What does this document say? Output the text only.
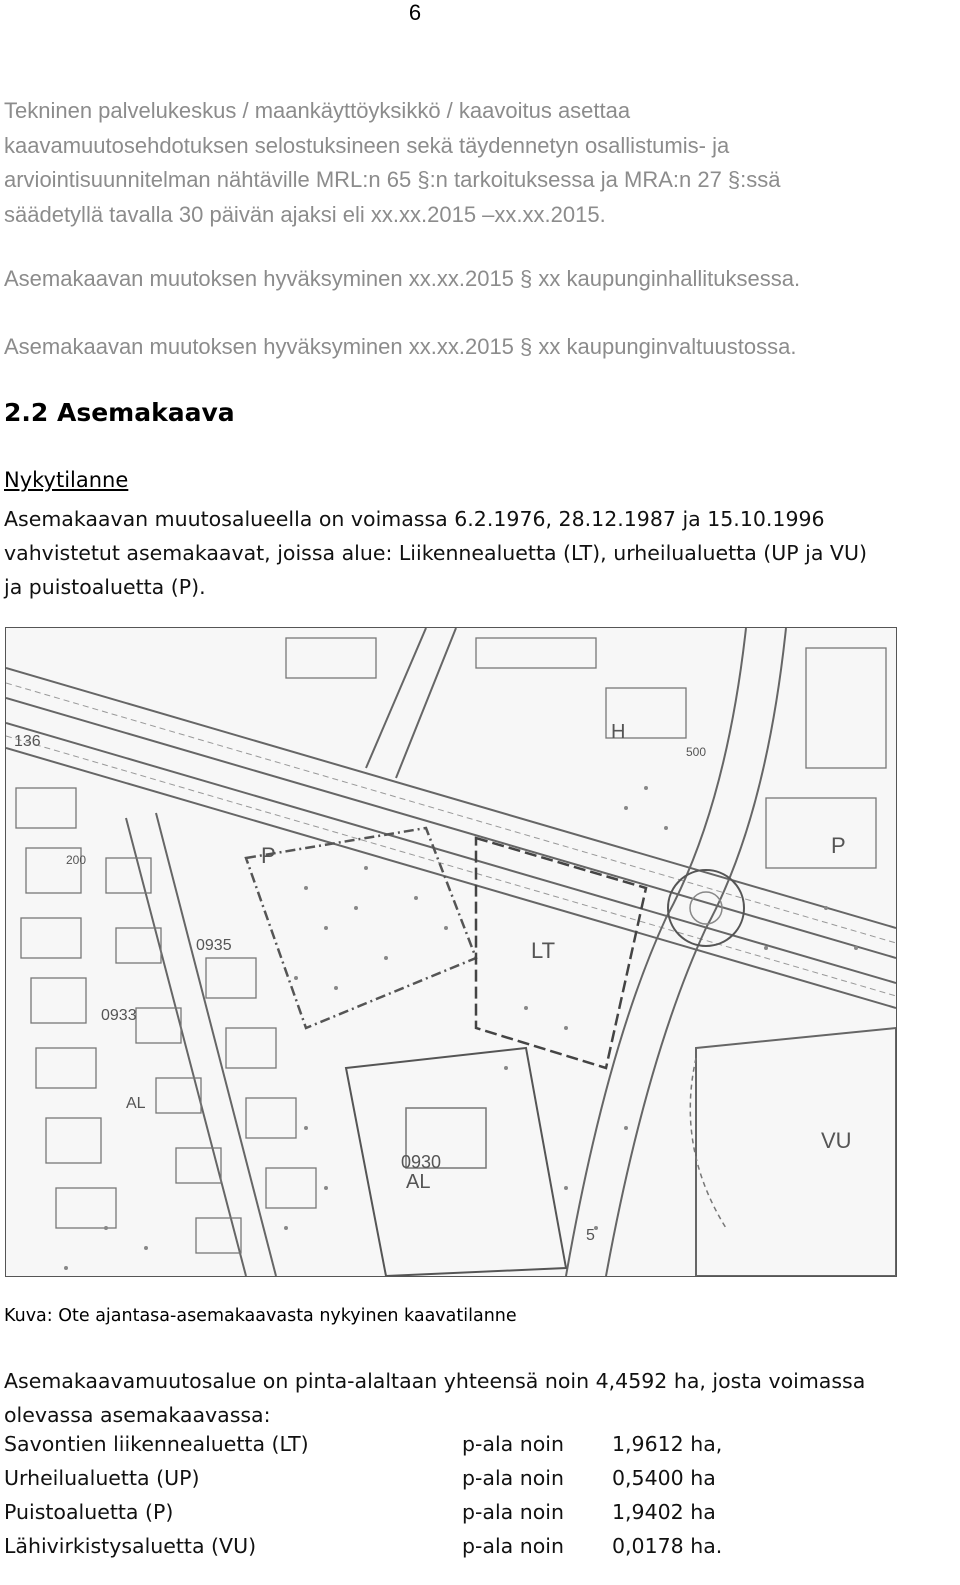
6
Tekninen palvelukeskus / maankäyttöyksikkö / kaavoitus asettaa
kaavamuutosehdotuksen selostuksineen sekä täydennetyn osallistumis- ja
arviointisuunnitelman nähtäville MRL:n 65 §:n tarkoituksessa ja MRA:n 27 §:ssä
säädetyllä tavalla 30 päivän ajaksi eli xx.xx.2015 –xx.xx.2015.
Asemakaavan muutoksen hyväksyminen xx.xx.2015 § xx kaupunginhallituksessa.
Asemakaavan muutoksen hyväksyminen xx.xx.2015 § xx kaupunginvaltuustossa.
2.2 Asemakaava
Nykytilanne
Asemakaavan muutosalueella on voimassa 6.2.1976, 28.12.1987 ja 15.10.1996
vahvistetut asemakaavat, joissa alue: Liikennealuetta (LT), urheilualuetta (UP ja VU)
ja puistoaluetta (P).
LT
VU
P	P
H
AL
AL
0930
0933
0935
136
5
200
500
Kuva: Ote ajantasa-asemakaavasta nykyinen kaavatilanne
Asemakaavamuutosalue on pinta-alaltaan yhteensä noin 4,4592 ha, josta voimassa
olevassa asemakaavassa:
Savontien liikennealuetta (LT)	p-ala noin	1,9612 ha,
Urheilualuetta (UP)	p-ala noin	0,5400 ha
Puistoaluetta (P)	p-ala noin	1,9402 ha
Lähivirkistysaluetta (VU)	p-ala noin	0,0178 ha.
